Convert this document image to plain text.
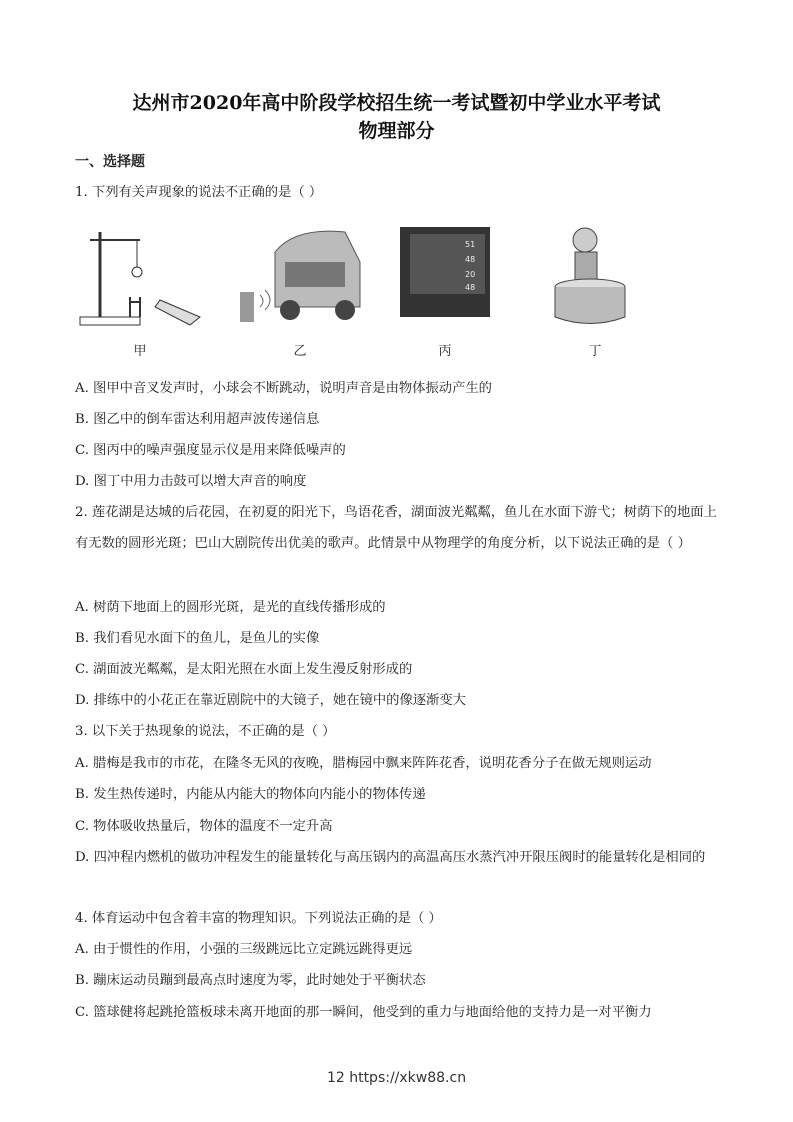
达州市2020年高中阶段学校招生统一考试暨初中学业水平考试
物理部分
一、选择题
1. 下列有关声现象的说法不正确的是（ ）
51
48
20
48
甲	乙	丙	丁
A. 图甲中音叉发声时，小球会不断跳动，说明声音是由物体振动产生的
B. 图乙中的倒车雷达利用超声波传递信息
C. 图丙中的噪声强度显示仪是用来降低噪声的
D. 图丁中用力击鼓可以增大声音的响度
2. 莲花湖是达城的后花园，在初夏的阳光下，鸟语花香，湖面波光粼粼，鱼儿在水面下游弋；树荫下的地面上有无数的圆形光斑；巴山大剧院传出优美的歌声。此情景中从物理学的角度分析，以下说法正确的是（ ）
A. 树荫下地面上的圆形光斑，是光的直线传播形成的
B. 我们看见水面下的鱼儿，是鱼儿的实像
C. 湖面波光粼粼，是太阳光照在水面上发生漫反射形成的
D. 排练中的小花正在靠近剧院中的大镜子，她在镜中的像逐渐变大
3. 以下关于热现象的说法，不正确的是（ ）
A. 腊梅是我市的市花，在隆冬无风的夜晚，腊梅园中飘来阵阵花香，说明花香分子在做无规则运动
B. 发生热传递时，内能从内能大的物体向内能小的物体传递
C. 物体吸收热量后，物体的温度不一定升高
D. 四冲程内燃机的做功冲程发生的能量转化与高压锅内的高温高压水蒸汽冲开限压阀时的能量转化是相同的
4. 体育运动中包含着丰富的物理知识。下列说法正确的是（ ）
A. 由于惯性的作用，小强的三级跳远比立定跳远跳得更远
B. 蹦床运动员蹦到最高点时速度为零，此时她处于平衡状态
C. 篮球健将起跳抢篮板球未离开地面的那一瞬间，他受到的重力与地面给他的支持力是一对平衡力
12 https://xkw88.cn
